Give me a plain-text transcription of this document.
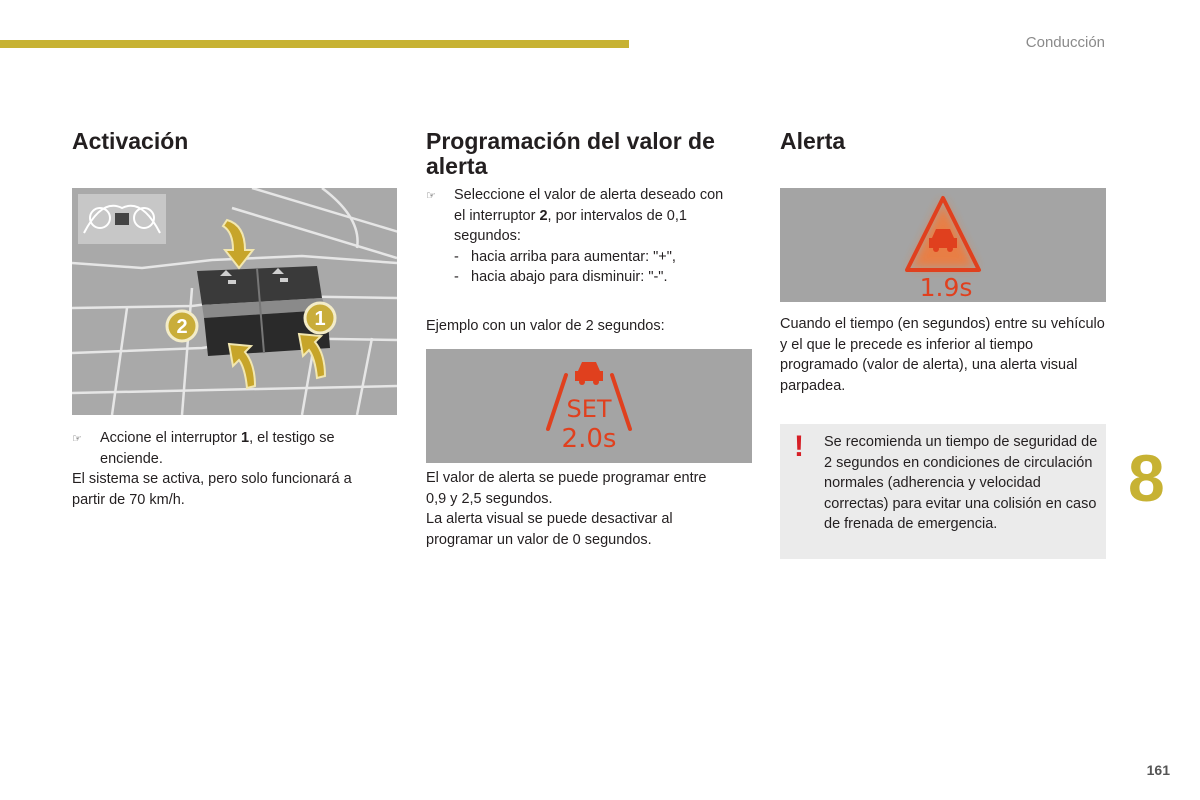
Conducción
Activación
2	1
☞	Accione el interruptor 1, el testigo se enciende.

El sistema se activa, pero solo funcionará a partir de 70 km/h.

Programación del valor de alerta
☞	Seleccione el valor de alerta deseado con el interruptor 2, por intervalos de 0,1 segundos:
- hacia arriba para aumentar: "+",
- hacia abajo para disminuir: "-".
Ejemplo con un valor de 2 segundos:
SET
2.0s

El valor de alerta se puede programar entre 0,9 y 2,5 segundos.

La alerta visual se puede desactivar al programar un valor de 0 segundos.

Alerta
1.9s
Cuando el tiempo (en segundos) entre su vehículo y el que le precede es inferior al tiempo programado (valor de alerta), una alerta visual parpadea.
! Se recomienda un tiempo de seguridad de 2 segundos en condiciones de circulación normales (adherencia y velocidad correctas) para evitar una colisión en caso de frenada de emergencia.
8
161
